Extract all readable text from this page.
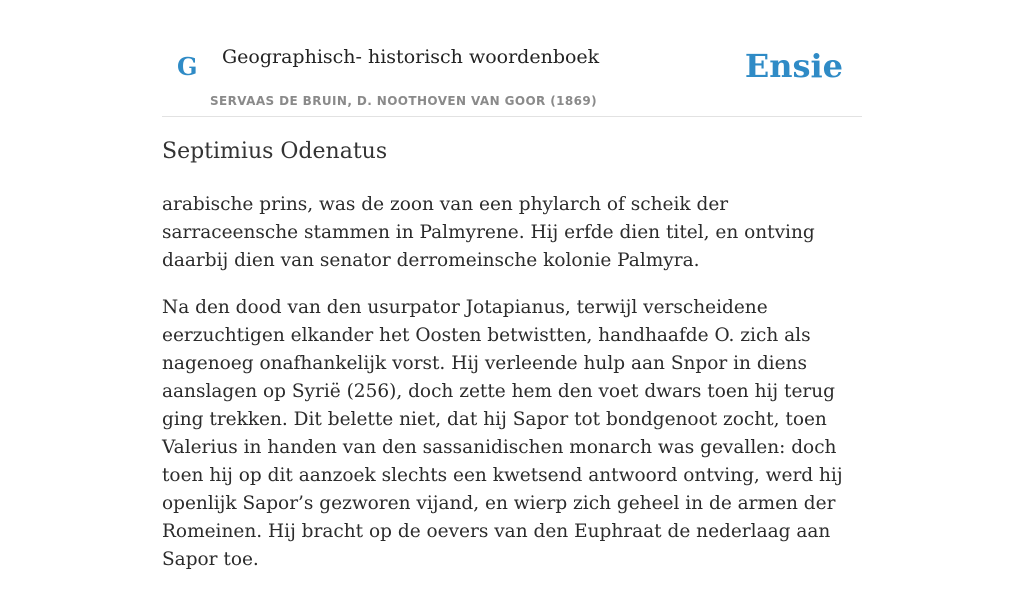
G Geographisch- historisch woordenboek
SERVAAS DE BRUIN, D. NOOTHOVEN VAN GOOR (1869)
Ensie
Septimius Odenatus

arabische prins, was de zoon van een phylarch of scheik der sarraceensche stammen in Palmyrene. Hij erfde dien titel, en ontving daarbij dien van senator derromeinsche kolonie Palmyra.

Na den dood van den usurpator Jotapianus, terwijl verscheidene eerzuchtigen elkander het Oosten betwistten, handhaafde O. zich als nagenoeg onafhankelijk vorst. Hij verleende hulp aan Snpor in diens aanslagen op Syrië (256), doch zette hem den voet dwars toen hij terug ging trekken. Dit belette niet, dat hij Sapor tot bondgenoot zocht, toen Valerius in handen van den sassanidischen monarch was gevallen: doch toen hij op dit aanzoek slechts een kwetsend antwoord ontving, werd hij openlijk Sapor’s gezworen vijand, en wierp zich geheel in de armen der Romeinen. Hij bracht op de oevers van den Euphraat de nederlaag aan Sapor toe.
